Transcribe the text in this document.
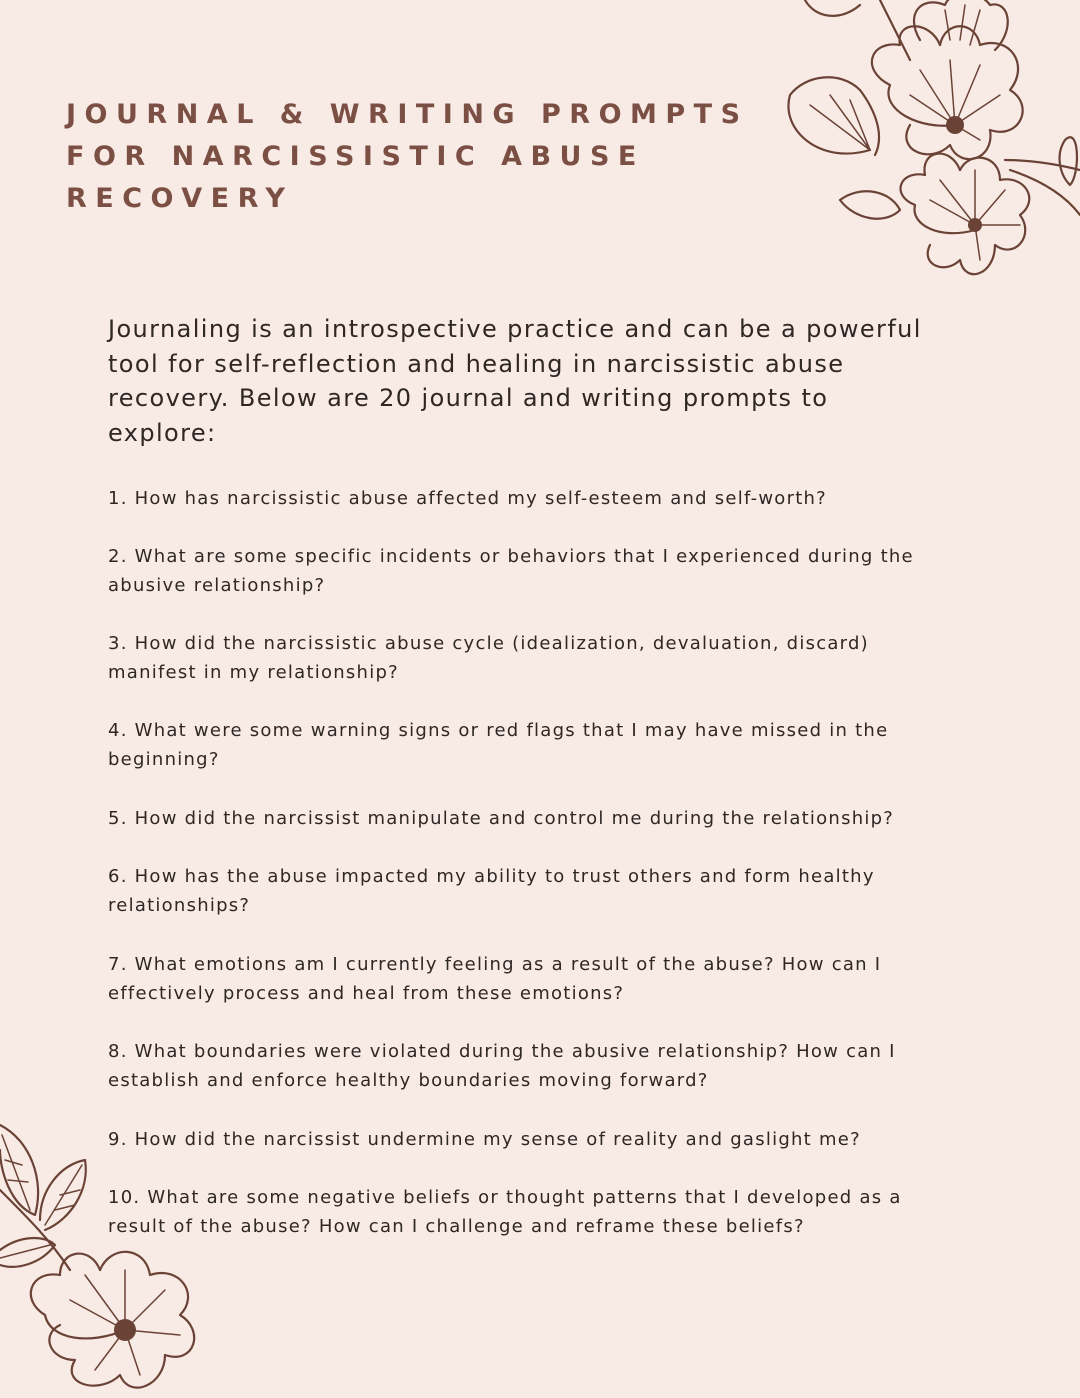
JOURNAL & WRITING PROMPTS
FOR NARCISSISTIC ABUSE
RECOVERY

Journaling is an introspective practice and can be a powerful
tool for self-reflection and healing in narcissistic abuse
recovery. Below are 20 journal and writing prompts to
explore:

1. How has narcissistic abuse affected my self-esteem and self-worth?
2. What are some specific incidents or behaviors that I experienced during the
abusive relationship?
3. How did the narcissistic abuse cycle (idealization, devaluation, discard)
manifest in my relationship?
4. What were some warning signs or red flags that I may have missed in the
beginning?
5. How did the narcissist manipulate and control me during the relationship?
6. How has the abuse impacted my ability to trust others and form healthy
relationships?
7. What emotions am I currently feeling as a result of the abuse? How can I
effectively process and heal from these emotions?
8. What boundaries were violated during the abusive relationship? How can I
establish and enforce healthy boundaries moving forward?
9. How did the narcissist undermine my sense of reality and gaslight me?
10. What are some negative beliefs or thought patterns that I developed as a
result of the abuse? How can I challenge and reframe these beliefs?
